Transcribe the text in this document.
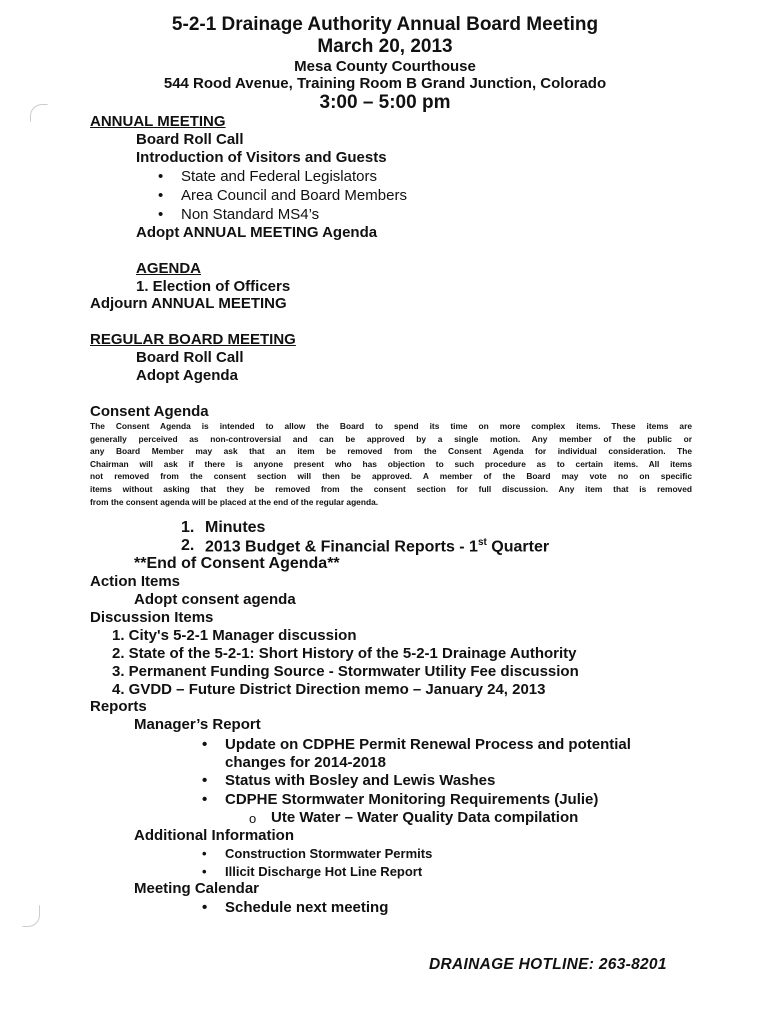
5-2-1 Drainage Authority Annual Board Meeting
March 20, 2013
Mesa County Courthouse
544 Rood Avenue, Training Room B Grand Junction, Colorado
3:00 – 5:00 pm
ANNUAL MEETING
Board Roll Call
Introduction of Visitors and Guests
• State and Federal Legislators
• Area Council and Board Members
• Non Standard MS4’s
Adopt ANNUAL MEETING Agenda
AGENDA
1. Election of Officers
Adjourn ANNUAL MEETING
REGULAR BOARD MEETING
Board Roll Call
Adopt Agenda
Consent Agenda
The Consent Agenda is intended to allow the Board to spend its time on more complex items. These items are
generally perceived as non-controversial and can be approved by a single motion. Any member of the public or
any Board Member may ask that an item be removed from the Consent Agenda for individual consideration. The
Chairman will ask if there is anyone present who has objection to such procedure as to certain items. All items
not removed from the consent section will then be approved. A member of the Board may vote no on specific
items without asking that they be removed from the consent section for full discussion. Any item that is removed
from the consent agenda will be placed at the end of the regular agenda.
1. Minutes
2. 2013 Budget & Financial Reports - 1st Quarter
**End of Consent Agenda**
Action Items
Adopt consent agenda
Discussion Items
1. City's 5-2-1 Manager discussion
2. State of the 5-2-1: Short History of the 5-2-1 Drainage Authority
3. Permanent Funding Source - Stormwater Utility Fee discussion
4. GVDD – Future District Direction memo – January 24, 2013
Reports
Manager’s Report
• Update on CDPHE Permit Renewal Process and potential
changes for 2014-2018
• Status with Bosley and Lewis Washes
• CDPHE Stormwater Monitoring Requirements (Julie)
o Ute Water – Water Quality Data compilation
Additional Information
• Construction Stormwater Permits
• Illicit Discharge Hot Line Report
Meeting Calendar
• Schedule next meeting
DRAINAGE HOTLINE: 263-8201
